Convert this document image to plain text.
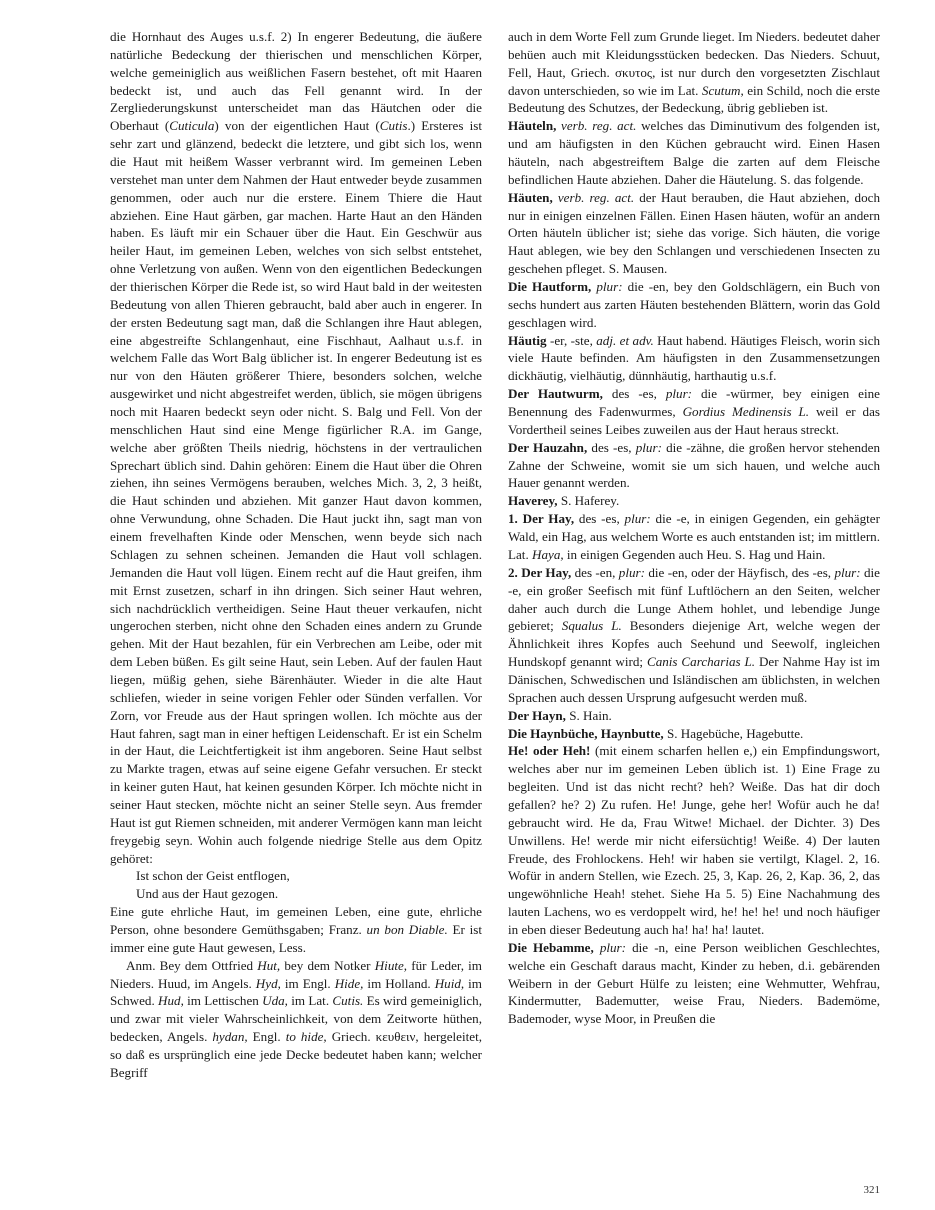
die Hornhaut des Auges u.s.f. 2) In engerer Bedeutung, die äußere natürliche Bedeckung der thierischen und menschlichen Körper, welche gemeiniglich aus weißlichen Fasern bestehet, oft mit Haaren bedeckt ist, und auch das Fell genannt wird. In der Zergliederungskunst unterscheidet man das Häutchen oder die Oberhaut (Cuticula) von der eigentlichen Haut (Cutis.) Ersteres ist sehr zart und glänzend, bedeckt die letztere, und gibt sich los, wenn die Haut mit heißem Wasser verbrannt wird. Im gemeinen Leben verstehet man unter dem Nahmen der Haut entweder beyde zusammen genommen, oder auch nur die erstere. Einem Thiere die Haut abziehen. Eine Haut gärben, gar machen. Harte Haut an den Händen haben. Es läuft mir ein Schauer über die Haut. Ein Geschwür aus heiler Haut, im gemeinen Leben, welches von sich selbst entstehet, ohne Verletzung von außen. Wenn von den eigentlichen Bedeckungen der thierischen Körper die Rede ist, so wird Haut bald in der weitesten Bedeutung von allen Thieren gebraucht, bald aber auch in engerer. In der ersten Bedeutung sagt man, daß die Schlangen ihre Haut ablegen, eine abgestreifte Schlangenhaut, eine Fischhaut, Aalhaut u.s.f. in welchem Falle das Wort Balg üblicher ist. In engerer Bedeutung ist es nur von den Häuten größerer Thiere, besonders solchen, welche ausgewirket und nicht abgestreifet werden, üblich, sie mögen übrigens noch mit Haaren bedeckt seyn oder nicht. S. Balg und Fell. Von der menschlichen Haut sind eine Menge figürlicher R.A. im Gange, welche aber größten Theils niedrig, höchstens in der vertraulichen Sprechart üblich sind. Dahin gehören: Einem die Haut über die Ohren ziehen, ihn seines Vermögens berauben, welches Mich. 3, 2, 3 heißt, die Haut schinden und abziehen. Mit ganzer Haut davon kommen, ohne Verwundung, ohne Schaden. Die Haut juckt ihn, sagt man von einem frevelhaften Kinde oder Menschen, wenn beyde sich nach Schlagen zu sehnen scheinen. Jemanden die Haut voll schlagen. Jemanden die Haut voll lügen. Einem recht auf die Haut greifen, ihm mit Ernst zusetzen, scharf in ihn dringen. Sich seiner Haut wehren, sich nachdrücklich vertheidigen. Seine Haut theuer verkaufen, nicht ungerochen sterben, nicht ohne den Schaden eines andern zu Grunde gehen. Mit der Haut bezahlen, für ein Verbrechen am Leibe, oder mit dem Leben büßen. Es gilt seine Haut, sein Leben. Auf der faulen Haut liegen, müßig gehen, siehe Bärenhäuter. Wieder in die alte Haut schliefen, wieder in seine vorigen Fehler oder Sünden verfallen. Vor Zorn, vor Freude aus der Haut springen wollen. Ich möchte aus der Haut fahren, sagt man in einer heftigen Leidenschaft. Er ist ein Schelm in der Haut, die Leichtfertigkeit ist ihm angeboren. Seine Haut selbst zu Markte tragen, etwas auf seine eigene Gefahr versuchen. Er steckt in keiner guten Haut, hat keinen gesunden Körper. Ich möchte nicht in seiner Haut stecken, möchte nicht an seiner Stelle seyn. Aus fremder Haut ist gut Riemen schneiden, mit anderer Vermögen kann man leicht freygebig seyn. Wohin auch folgende niedrige Stelle aus dem Opitz gehöret:

Ist schon der Geist entflogen,

Und aus der Haut gezogen.

Eine gute ehrliche Haut, im gemeinen Leben, eine gute, ehrliche Person, ohne besondere Gemüthsgaben; Franz. un bon Diable. Er ist immer eine gute Haut gewesen, Less.

Anm. Bey dem Ottfried Hut, bey dem Notker Hiute, für Leder, im Nieders. Huud, im Angels. Hyd, im Engl. Hide, im Holland. Huid, im Schwed. Hud, im Lettischen Uda, im Lat. Cutis. Es wird gemeiniglich, und zwar mit vieler Wahrscheinlichkeit, von dem Zeitworte hüthen, bedecken, Angels. hydan, Engl. to hide, Griech. κευθειν, hergeleitet, so daß es ursprünglich eine jede Decke bedeutet haben kann; welcher Begriff

auch in dem Worte Fell zum Grunde lieget. Im Nieders. bedeutet daher behüen auch mit Kleidungsstücken bedecken. Das Nieders. Schuut, Fell, Haut, Griech. σκυτος, ist nur durch den vorgesetzten Zischlaut davon unterschieden, so wie im Lat. Scutum, ein Schild, noch die erste Bedeutung des Schutzes, der Bedeckung, übrig geblieben ist.

Häuteln, verb. reg. act. welches das Diminutivum des folgenden ist, und am häufigsten in den Küchen gebraucht wird. Einen Hasen häuteln, nach abgestreiftem Balge die zarten auf dem Fleische befindlichen Haute abziehen. Daher die Häutelung. S. das folgende.

Häuten, verb. reg. act. der Haut berauben, die Haut abziehen, doch nur in einigen einzelnen Fällen. Einen Hasen häuten, wofür an andern Orten häuteln üblicher ist; siehe das vorige. Sich häuten, die vorige Haut ablegen, wie bey den Schlangen und verschiedenen Insecten zu geschehen pfleget. S. Mausen.

Die Hautform, plur: die -en, bey den Goldschlägern, ein Buch von sechs hundert aus zarten Häuten bestehenden Blättern, worin das Gold geschlagen wird.

Häutig -er, -ste, adj. et adv. Haut habend. Häutiges Fleisch, worin sich viele Haute befinden. Am häufigsten in den Zusammensetzungen dickhäutig, vielhäutig, dünnhäutig, harthautig u.s.f.

Der Hautwurm, des -es, plur: die -würmer, bey einigen eine Benennung des Fadenwurmes, Gordius Medinensis L. weil er das Vordertheil seines Leibes zuweilen aus der Haut heraus streckt.

Der Hauzahn, des -es, plur: die -zähne, die großen hervor stehenden Zahne der Schweine, womit sie um sich hauen, und welche auch Hauer genannt werden.

Haverey, S. Haferey.

1. Der Hay, des -es, plur: die -e, in einigen Gegenden, ein gehägter Wald, ein Hag, aus welchem Worte es auch entstanden ist; im mittlern. Lat. Haya, in einigen Gegenden auch Heu. S. Hag und Hain.

2. Der Hay, des -en, plur: die -en, oder der Häyfisch, des -es, plur: die -e, ein großer Seefisch mit fünf Luftlöchern an den Seiten, welcher daher auch durch die Lunge Athem hohlet, und lebendige Junge gebieret; Squalus L. Besonders diejenige Art, welche wegen der Ähnlichkeit ihres Kopfes auch Seehund und Seewolf, ingleichen Hundskopf genannt wird; Canis Carcharias L. Der Nahme Hay ist im Dänischen, Schwedischen und Isländischen am üblichsten, in welchen Sprachen auch dessen Ursprung aufgesucht werden muß.

Der Hayn, S. Hain.

Die Haynbüche, Haynbutte, S. Hagebüche, Hagebutte.

He! oder Heh! (mit einem scharfen hellen e,) ein Empfindungswort, welches aber nur im gemeinen Leben üblich ist. 1) Eine Frage zu begleiten. Und ist das nicht recht? heh? Weiße. Das hat dir doch gefallen? he? 2) Zu rufen. He! Junge, gehe her! Wofür auch he da! gebraucht wird. He da, Frau Witwe! Michael. der Dichter. 3) Des Unwillens. He! werde mir nicht eifersüchtig! Weiße. 4) Der lauten Freude, des Frohlockens. Heh! wir haben sie vertilgt, Klagel. 2, 16. Wofür in andern Stellen, wie Ezech. 25, 3, Kap. 26, 2, Kap. 36, 2, das ungewöhnliche Heah! stehet. Siehe Ha 5. 5) Eine Nachahmung des lauten Lachens, wo es verdoppelt wird, he! he! he! und noch häufiger in eben dieser Bedeutung auch ha! ha! ha! lautet.

Die Hebamme, plur: die -n, eine Person weiblichen Geschlechtes, welche ein Geschaft daraus macht, Kinder zu heben, d.i. gebärenden Weibern in der Geburt Hülfe zu leisten; eine Wehmutter, Wehfrau, Kindermutter, Bademutter, weise Frau, Nieders. Bademöme, Bademoder, wyse Moor, in Preußen die

321
